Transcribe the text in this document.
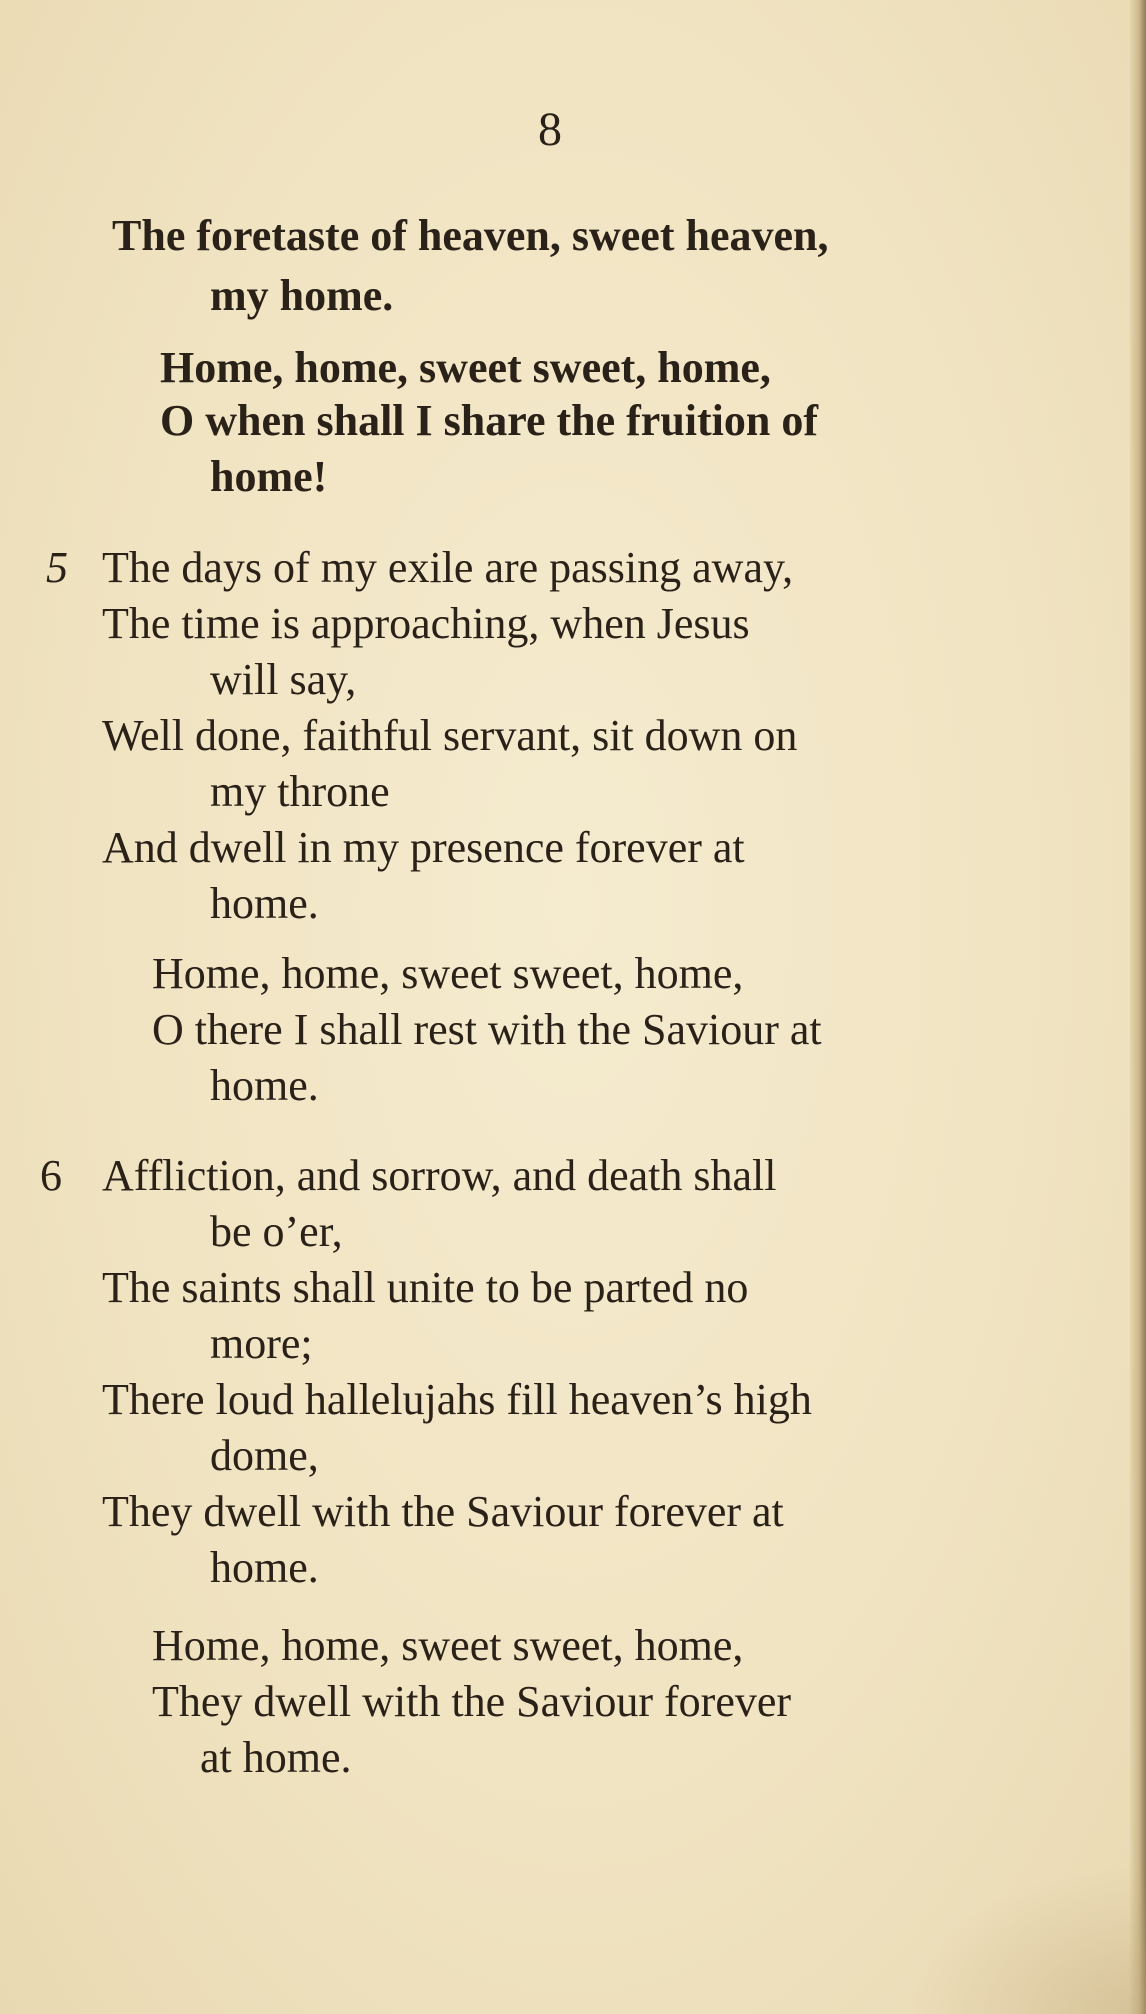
8
The foretaste of heaven, sweet heaven,
my home.
Home, home, sweet sweet, home,
O when shall I share the fruition of
home!
5 The days of my exile are passing away,
The time is approaching, when Jesus
will say,
Well done, faithful servant, sit down on
my throne
And dwell in my presence forever at
home.
Home, home, sweet sweet, home,
O there I shall rest with the Saviour at
home.
6 Affliction, and sorrow, and death shall
be o’er,
The saints shall unite to be parted no
more;
There loud hallelujahs fill heaven’s high
dome,
They dwell with the Saviour forever at
home.
Home, home, sweet sweet, home,
They dwell with the Saviour forever
at home.
